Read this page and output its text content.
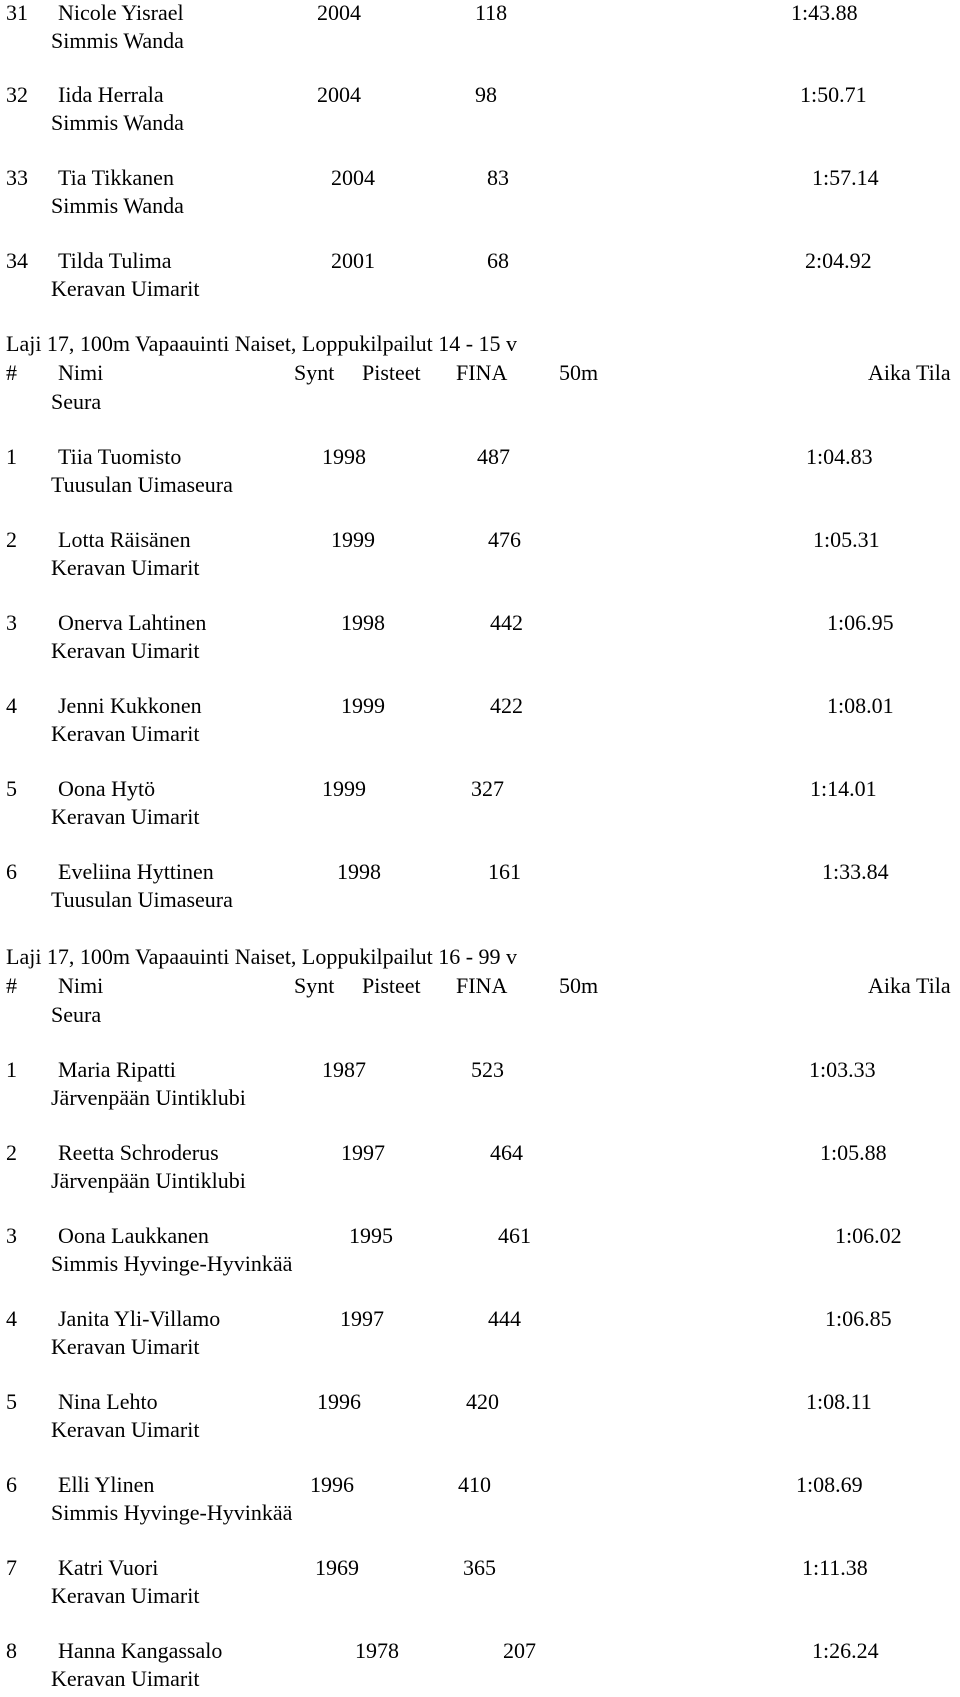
31 Nicole Yisrael	2004	118	1:43.88
Simmis Wanda
32 Iida Herrala	2004	98	1:50.71
Simmis Wanda
33 Tia Tikkanen	2004	83	1:57.14
Simmis Wanda
34 Tilda Tulima	2001	68	2:04.92
Keravan Uimarit
Laji 17, 100m Vapaauinti Naiset, Loppukilpailut 14 - 15 v
# Nimi	Synt Pisteet FINA 50m	Aika Tila
Seura
1 Tiia Tuomisto	1998	487	1:04.83
Tuusulan Uimaseura
2 Lotta Räisänen	1999	476	1:05.31
Keravan Uimarit
3 Onerva Lahtinen	1998	442	1:06.95
Keravan Uimarit
4 Jenni Kukkonen	1999	422	1:08.01
Keravan Uimarit
5 Oona Hytö	1999	327	1:14.01
Keravan Uimarit
6 Eveliina Hyttinen	1998	161	1:33.84
Tuusulan Uimaseura
Laji 17, 100m Vapaauinti Naiset, Loppukilpailut 16 - 99 v
# Nimi	Synt Pisteet FINA 50m	Aika Tila
Seura
1 Maria Ripatti	1987	523	1:03.33
Järvenpään Uintiklubi
2 Reetta Schroderus	1997	464	1:05.88
Järvenpään Uintiklubi
3 Oona Laukkanen	1995	461	1:06.02
Simmis Hyvinge-Hyvinkää
4 Janita Yli-Villamo	1997	444	1:06.85
Keravan Uimarit
5 Nina Lehto	1996	420	1:08.11
Keravan Uimarit
6 Elli Ylinen	1996	410	1:08.69
Simmis Hyvinge-Hyvinkää
7 Katri Vuori	1969	365	1:11.38
Keravan Uimarit
8 Hanna Kangassalo	1978	207	1:26.24
Keravan Uimarit
